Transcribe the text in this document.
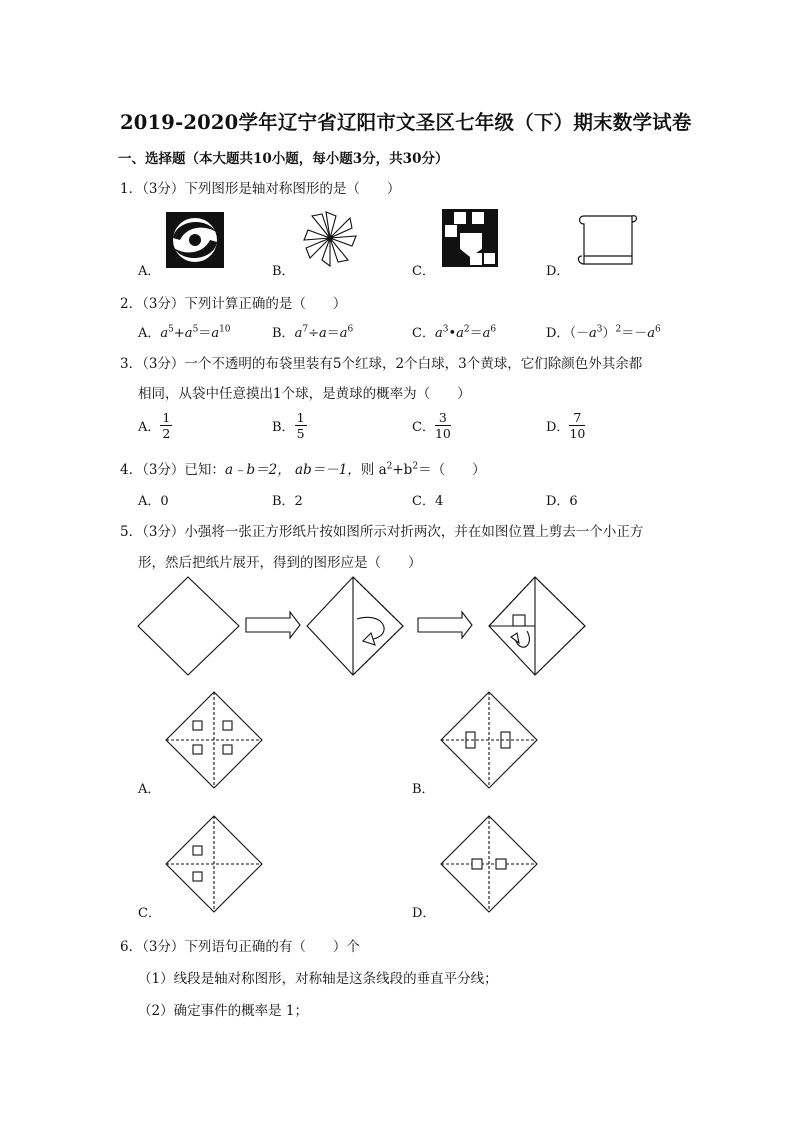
2019-2020学年辽宁省辽阳市文圣区七年级（下）期末数学试卷
一、选择题（本大题共10小题，每小题3分，共30分）
1．（3分）下列图形是轴对称图形的是（　　）
A．	B．	C．	D．
2．（3分）下列计算正确的是（　　）
A．$a^5+a^5=a^{10}$	B．$a^7\div a=a^6$	C．$a^3•a^2=a^6$	D．$(-a^3)^2=-a^6$
3．（3分）一个不透明的布袋里装有5个红球，2个白球，3个黄球，它们除颜色外其余都
相同，从袋中任意摸出1个球，是黄球的概率为（　　）
A． $\frac{1}{2}$	B． $\frac{1}{5}$	C． $\frac{3}{10}$	D． $\frac{7}{10}$
4．（3分）已知：a﹣b＝2， ab＝－1，则 $a^2+b^2=$（　　）
A．0	B．2	C．4	D．6
5．（3分）小强将一张正方形纸片按如图所示对折两次，并在如图位置上剪去一个小正方
形，然后把纸片展开，得到的图形应是（　　）
A．	B．
C．	D．
6．（3分）下列语句正确的有（　　）个
（1）线段是轴对称图形，对称轴是这条线段的垂直平分线；
（2）确定事件的概率是 1；
